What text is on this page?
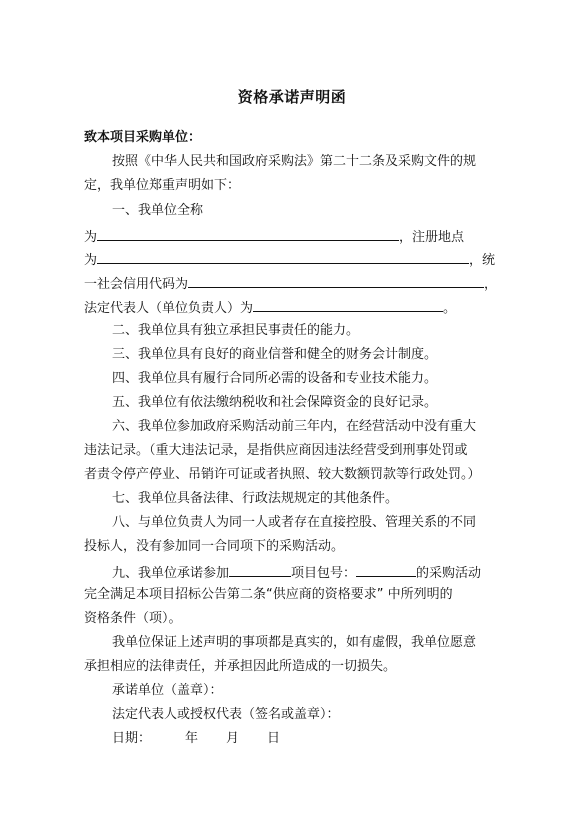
资格承诺声明函
致本项目采购单位：
按照《中华人民共和国政府采购法》第二十二条及采购文件的规
定，我单位郑重声明如下：
一、我单位全称
为	，注册地点
为	，统
一社会信用代码为	，
法定代表人（单位负责人）为	。
二、我单位具有独立承担民事责任的能力。
三、我单位具有良好的商业信誉和健全的财务会计制度。
四、我单位具有履行合同所必需的设备和专业技术能力。
五、我单位有依法缴纳税收和社会保障资金的良好记录。
六、我单位参加政府采购活动前三年内，在经营活动中没有重大
违法记录。（重大违法记录，是指供应商因违法经营受到刑事处罚或
者责令停产停业、吊销许可证或者执照、较大数额罚款等行政处罚。）
七、我单位具备法律、行政法规规定的其他条件。
八、与单位负责人为同一人或者存在直接控股、管理关系的不同
投标人，没有参加同一合同项下的采购活动。
九、我单位承诺参加	项目包号：	的采购活动
完全满足本项目招标公告第二条“供应商的资格要求” 中所列明的
资格条件（项）。
我单位保证上述声明的事项都是真实的，如有虚假，我单位愿意
承担相应的法律责任，并承担因此所造成的一切损失。
承诺单位（盖章）：
法定代表人或授权代表（签名或盖章）：
日期：	年 月 日
